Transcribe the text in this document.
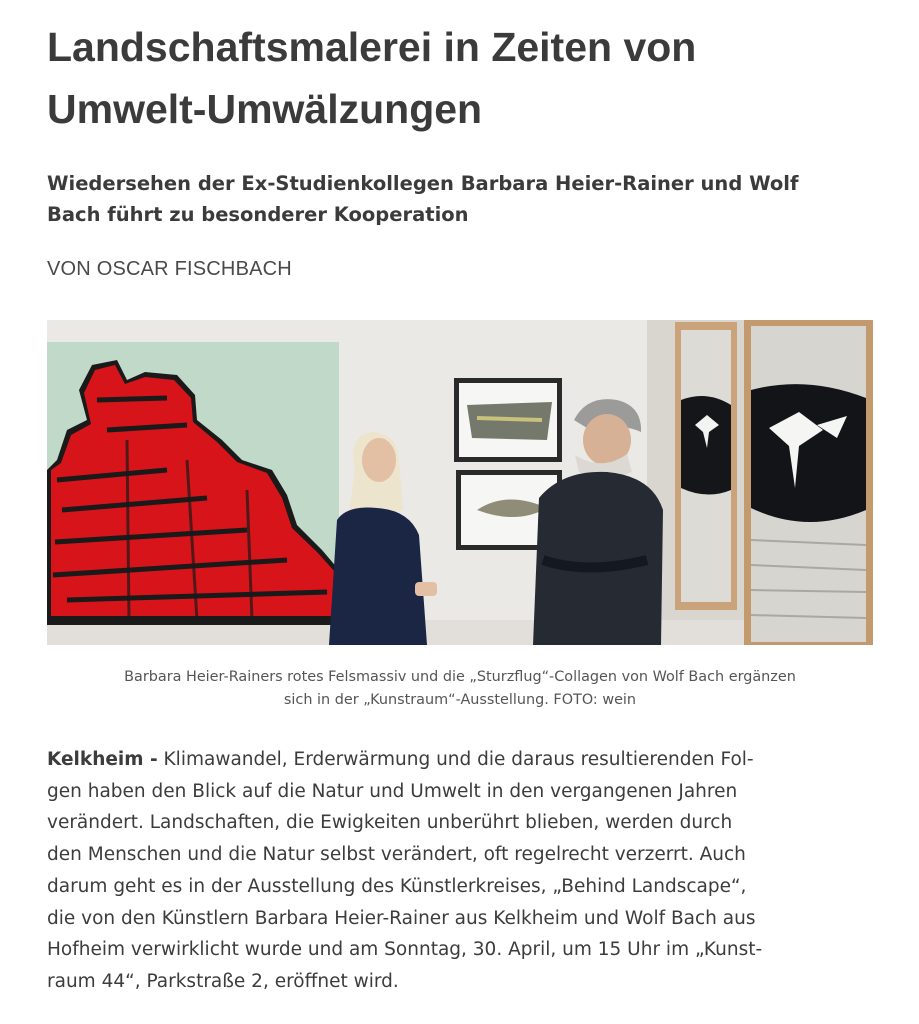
Landschaftsmalerei in Zeiten von
Umwelt-Umwälzungen
Wiedersehen der Ex-Studienkollegen Barbara Heier-Rainer und Wolf
Bach führt zu besonderer Kooperation

VON OSCAR FISCHBACH

Barbara Heier-Rainers rotes Felsmassiv und die „Sturzflug“-Collagen von Wolf Bach ergänzen
sich in der „Kunstraum“-Ausstellung. FOTO: wein

Kelkheim - Klimawandel, Erderwärmung und die daraus resultierenden Fol-
gen haben den Blick auf die Natur und Umwelt in den vergangenen Jahren
verändert. Landschaften, die Ewigkeiten unberührt blieben, werden durch
den Menschen und die Natur selbst verändert, oft regelrecht verzerrt. Auch
darum geht es in der Ausstellung des Künstlerkreises, „Behind Landscape“,
die von den Künstlern Barbara Heier-Rainer aus Kelkheim und Wolf Bach aus
Hofheim verwirklicht wurde und am Sonntag, 30. April, um 15 Uhr im „Kunst-
raum 44“, Parkstraße 2, eröffnet wird.
